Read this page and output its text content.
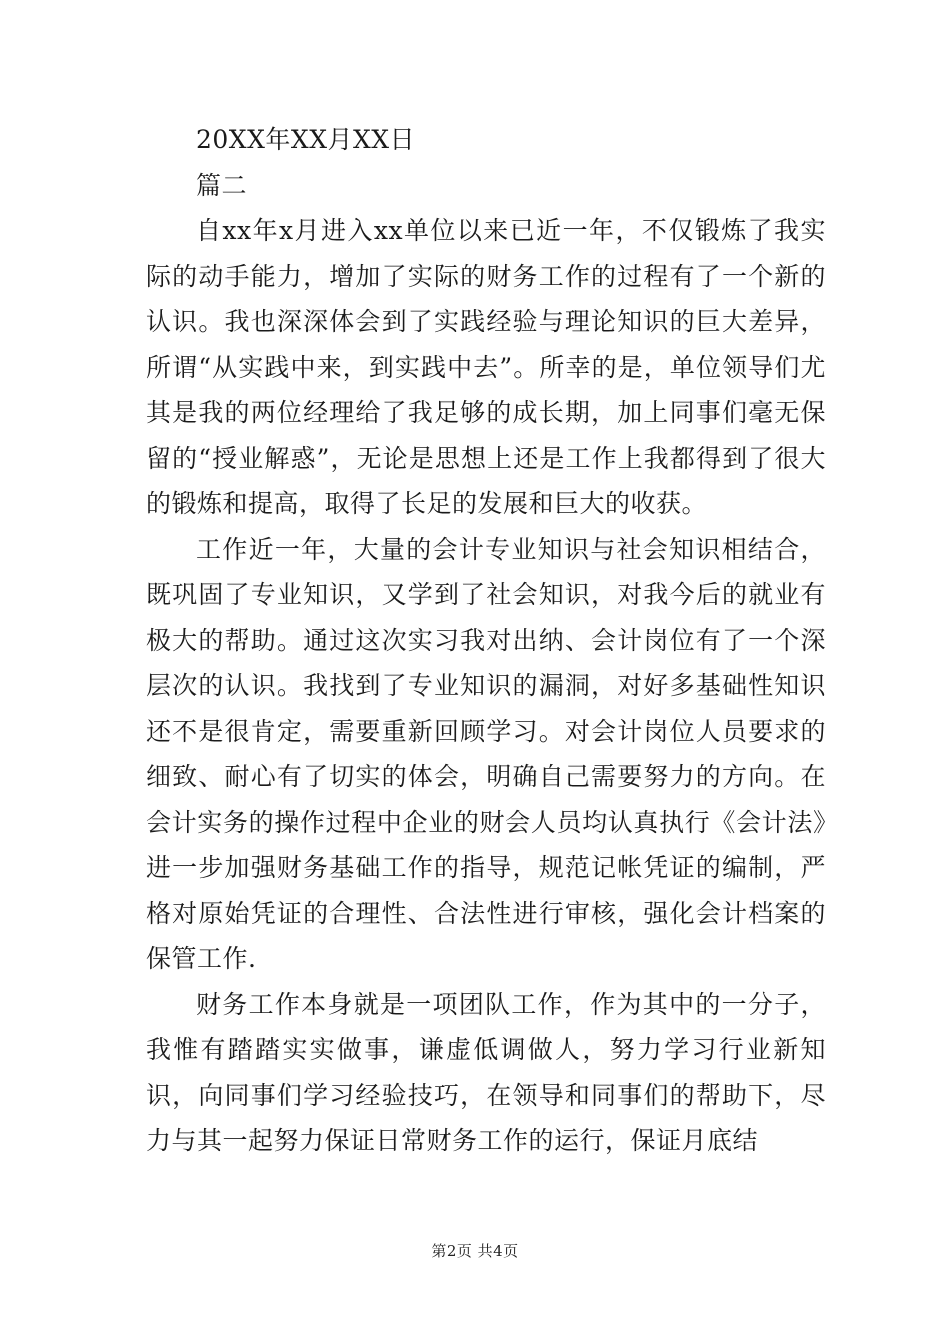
20XX年XX月XX日

篇二

自xx年x月进入xx单位以来已近一年，不仅锻炼了我实际的动手能力，增加了实际的财务工作的过程有了一个新的认识。我也深深体会到了实践经验与理论知识的巨大差异，所谓“从实践中来，到实践中去”。所幸的是，单位领导们尤其是我的两位经理给了我足够的成长期，加上同事们毫无保留的“授业解惑”，无论是思想上还是工作上我都得到了很大的锻炼和提高，取得了长足的发展和巨大的收获。

工作近一年，大量的会计专业知识与社会知识相结合，既巩固了专业知识，又学到了社会知识，对我今后的就业有极大的帮助。通过这次实习我对出纳、会计岗位有了一个深层次的认识。我找到了专业知识的漏洞，对好多基础性知识还不是很肯定，需要重新回顾学习。对会计岗位人员要求的细致、耐心有了切实的体会，明确自己需要努力的方向。在会计实务的操作过程中企业的财会人员均认真执行《会计法》进一步加强财务基础工作的指导，规范记帐凭证的编制，严格对原始凭证的合理性、合法性进行审核，强化会计档案的保管工作.

财务工作本身就是一项团队工作，作为其中的一分子，我惟有踏踏实实做事，谦虚低调做人，努力学习行业新知识，向同事们学习经验技巧，在领导和同事们的帮助下，尽力与其一起努力保证日常财务工作的运行，保证月底结

第2页 共4页
